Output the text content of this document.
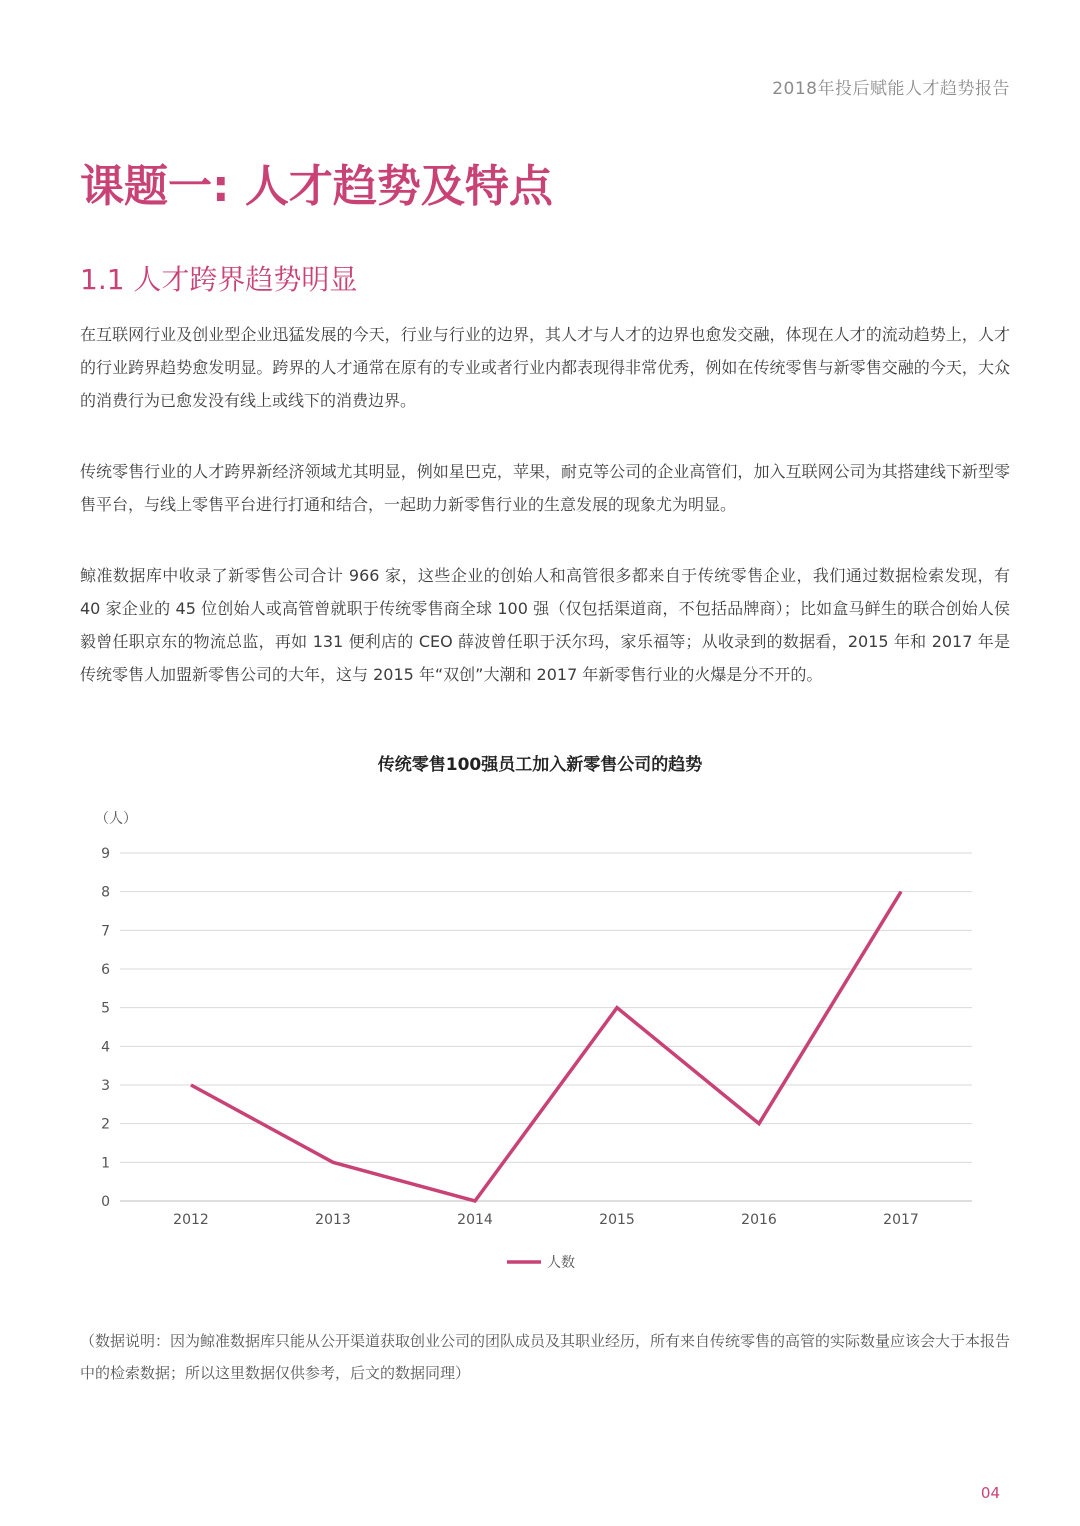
2018年投后赋能人才趋势报告
课题一: 人才趋势及特点
1.1 人才跨界趋势明显

在互联网行业及创业型企业迅猛发展的今天，行业与行业的边界，其人才与人才的边界也愈发交融，体现在人才的流动趋势上，人才的行业跨界趋势愈发明显。跨界的人才通常在原有的专业或者行业内都表现得非常优秀，例如在传统零售与新零售交融的今天，大众的消费行为已愈发没有线上或线下的消费边界。

传统零售行业的人才跨界新经济领域尤其明显，例如星巴克，苹果，耐克等公司的企业高管们，加入互联网公司为其搭建线下新型零售平台，与线上零售平台进行打通和结合，一起助力新零售行业的生意发展的现象尤为明显。

鲸准数据库中收录了新零售公司合计 966 家，这些企业的创始人和高管很多都来自于传统零售企业，我们通过数据检索发现，有 40 家企业的 45 位创始人或高管曾就职于传统零售商全球 100 强（仅包括渠道商，不包括品牌商）；比如盒马鲜生的联合创始人侯毅曾任职京东的物流总监，再如 131 便利店的 CEO 薛波曾任职于沃尔玛，家乐福等；从收录到的数据看，2015 年和 2017 年是传统零售人加盟新零售公司的大年，这与 2015 年“双创”大潮和 2017 年新零售行业的火爆是分不开的。

传统零售100强员工加入新零售公司的趋势
（人）
0
1
2
3
4
5
6
7
8
9
2012	2013	2014	2015	2016	2017
人数

（数据说明：因为鲸准数据库只能从公开渠道获取创业公司的团队成员及其职业经历，所有来自传统零售的高管的实际数量应该会大于本报告中的检索数据；所以这里数据仅供参考，后文的数据同理）

04
